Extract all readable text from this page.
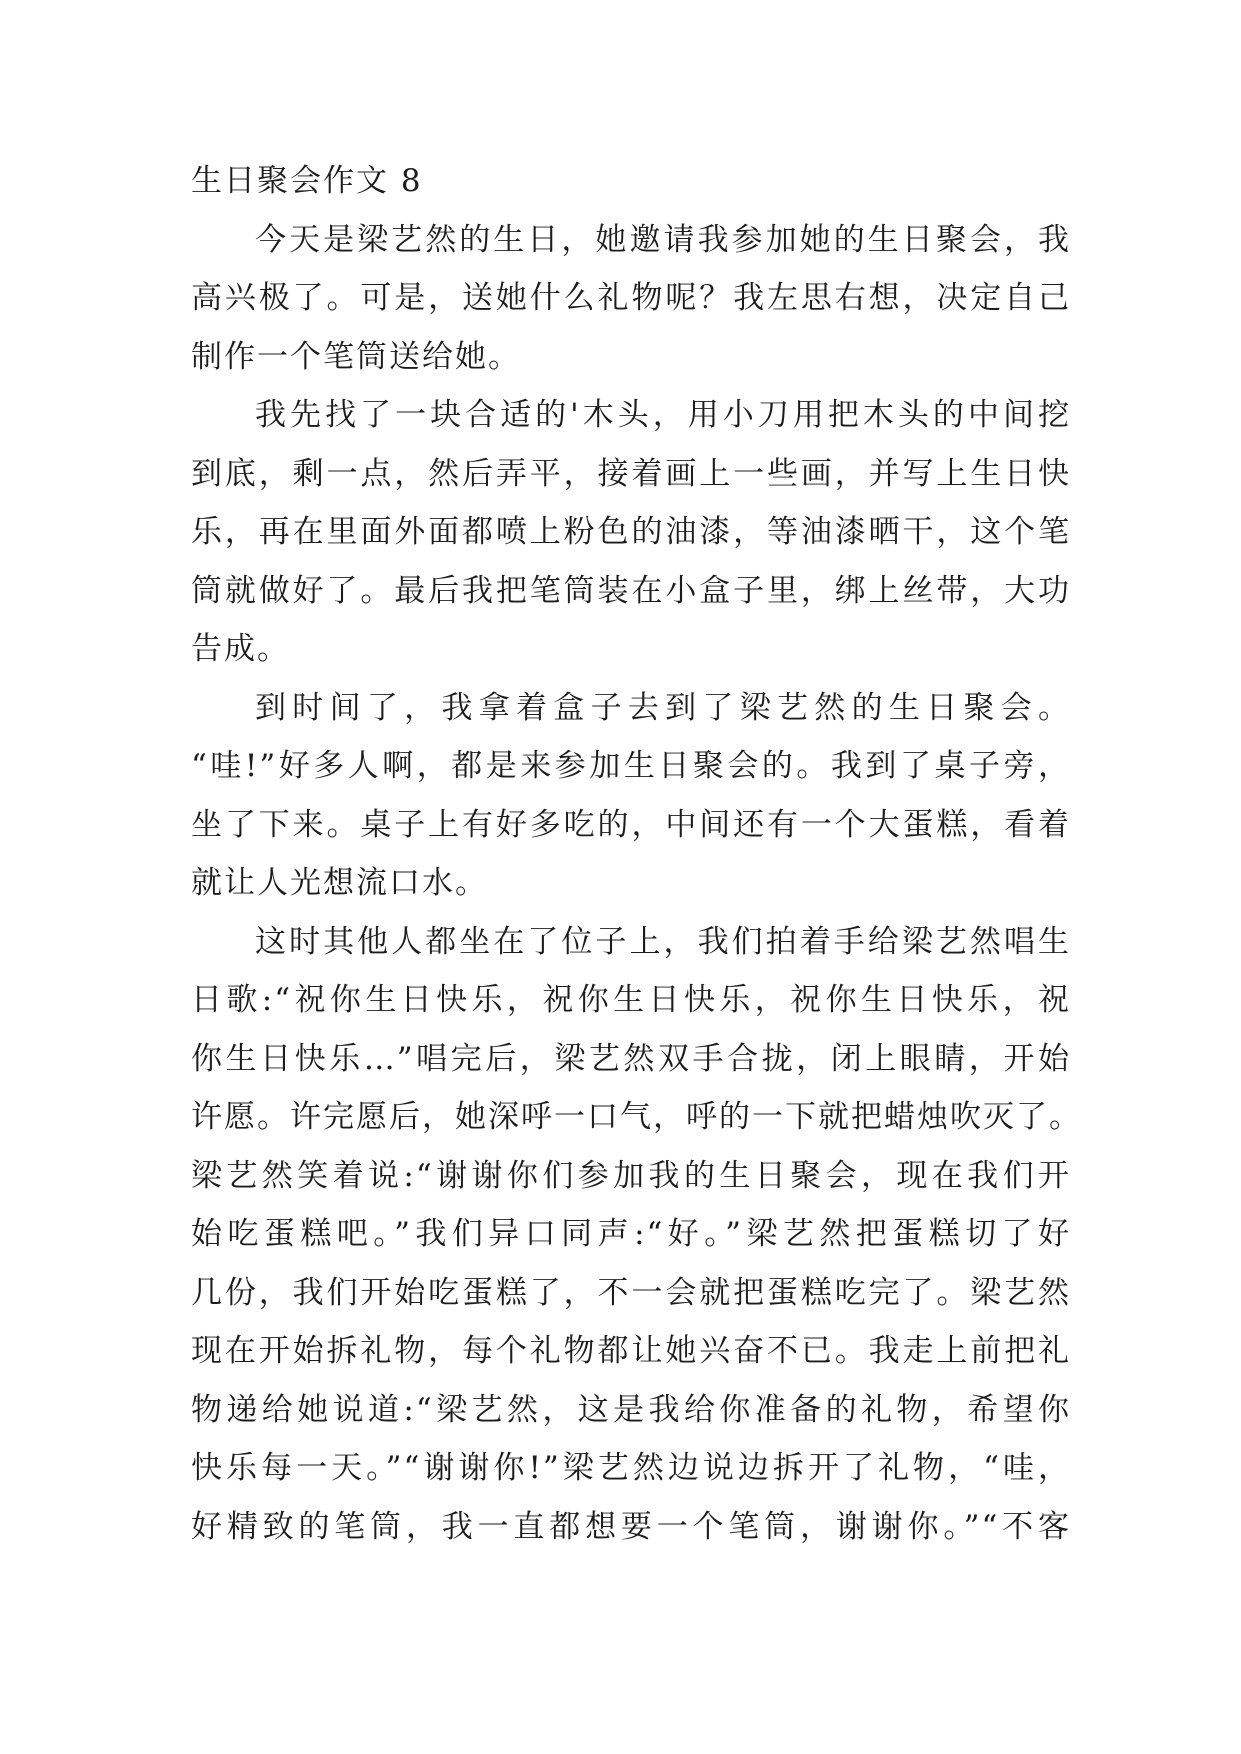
生日聚会作文 8
今天是梁艺然的生日，她邀请我参加她的生日聚会，我
高兴极了。可是，送她什么礼物呢？我左思右想，决定自己
制作一个笔筒送给她。
我先找了一块合适的'木头，用小刀用把木头的中间挖
到底，剩一点，然后弄平，接着画上一些画，并写上生日快
乐，再在里面外面都喷上粉色的油漆，等油漆晒干，这个笔
筒就做好了。最后我把笔筒装在小盒子里，绑上丝带，大功
告成。
到时间了，我拿着盒子去到了梁艺然的生日聚会。
“哇!”好多人啊，都是来参加生日聚会的。我到了桌子旁，
坐了下来。桌子上有好多吃的，中间还有一个大蛋糕，看着
就让人光想流口水。
这时其他人都坐在了位子上，我们拍着手给梁艺然唱生
日歌:“祝你生日快乐，祝你生日快乐，祝你生日快乐，祝
你生日快乐…”唱完后，梁艺然双手合拢，闭上眼睛，开始
许愿。许完愿后，她深呼一口气，呼的一下就把蜡烛吹灭了。
梁艺然笑着说:“谢谢你们参加我的生日聚会，现在我们开
始吃蛋糕吧。”我们异口同声:“好。”梁艺然把蛋糕切了好
几份，我们开始吃蛋糕了，不一会就把蛋糕吃完了。梁艺然
现在开始拆礼物，每个礼物都让她兴奋不已。我走上前把礼
物递给她说道:“梁艺然，这是我给你准备的礼物，希望你
快乐每一天。”“谢谢你!”梁艺然边说边拆开了礼物，“哇，
好精致的笔筒，我一直都想要一个笔筒，谢谢你。”“不客
